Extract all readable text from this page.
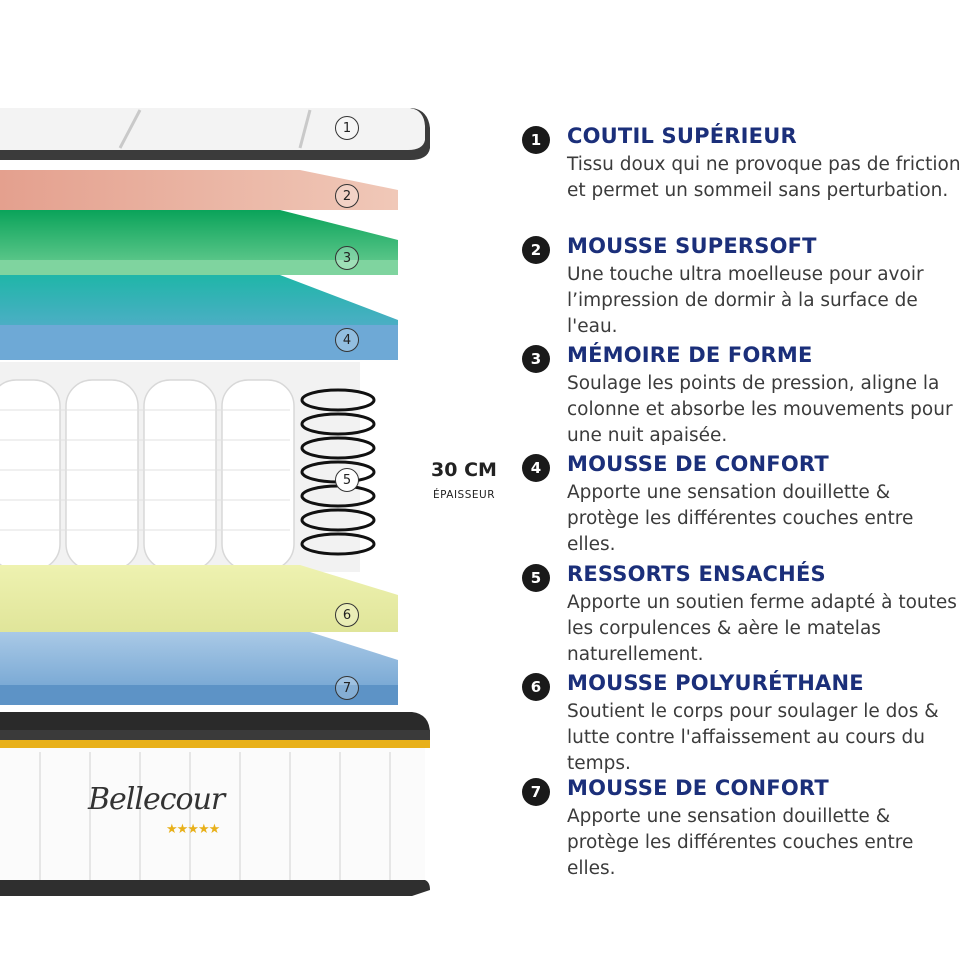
Bellecour
★★★★★
1
2
3
4
5
6
7
30 CM
ÉPAISSEUR
1	COUTIL SUPÉRIEUR
Tissu doux qui ne provoque pas de friction et permet un sommeil sans perturbation.
2	MOUSSE SUPERSOFT
Une touche ultra moelleuse pour avoir l’impression de dormir à la surface de l'eau.
3	MÉMOIRE DE FORME
Soulage les points de pression, aligne la colonne et absorbe les mouvements pour une nuit apaisée.
4	MOUSSE DE CONFORT
Apporte une sensation douillette & protège les différentes couches entre elles.
5	RESSORTS ENSACHÉS
Apporte un soutien ferme adapté à toutes les corpulences & aère le matelas naturellement.
6	MOUSSE POLYURÉTHANE
Soutient le corps pour soulager le dos & lutte contre l'affaissement au cours du temps.
7	MOUSSE DE CONFORT
Apporte une sensation douillette & protège les différentes couches entre elles.
